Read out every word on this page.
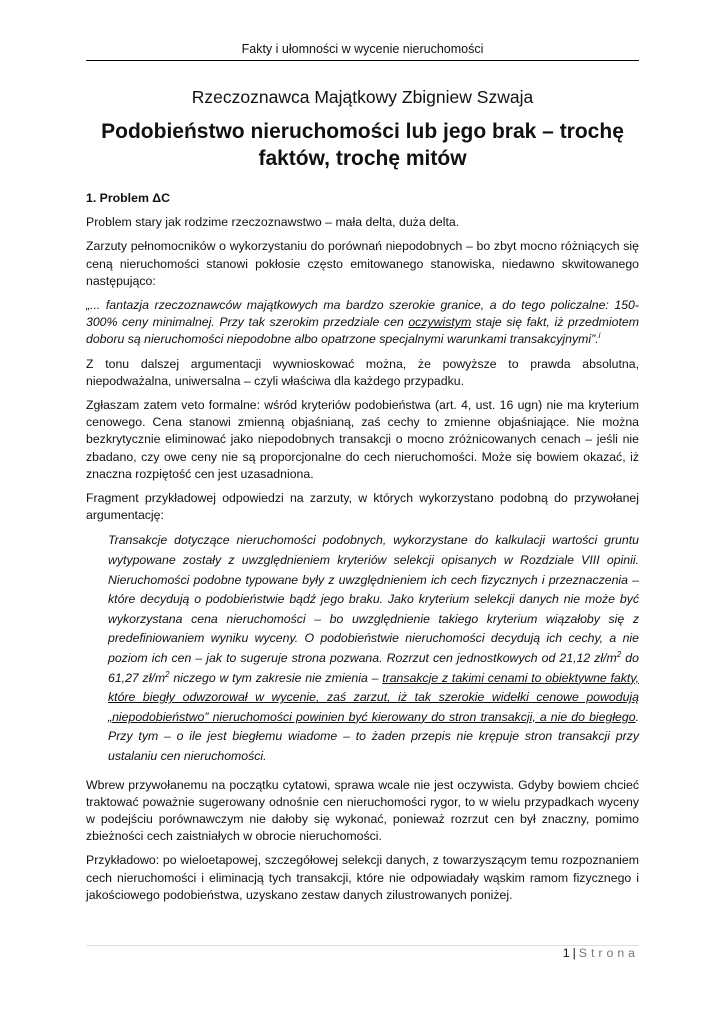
Fakty i ułomności w wycenie nieruchomości
Rzeczoznawca Majątkowy Zbigniew Szwaja
Podobieństwo nieruchomości lub jego brak – trochę faktów, trochę mitów
1. Problem ΔC

Problem stary jak rodzime rzeczoznawstwo – mała delta, duża delta.

Zarzuty pełnomocników o wykorzystaniu do porównań niepodobnych – bo zbyt mocno różniących się ceną nieruchomości stanowi pokłosie często emitowanego stanowiska, niedawno skwitowanego następująco:

„... fantazja rzeczoznawców majątkowych ma bardzo szerokie granice, a do tego policzalne: 150-300% ceny minimalnej. Przy tak szerokim przedziale cen oczywistym staje się fakt, iż przedmiotem doboru są nieruchomości niepodobne albo opatrzone specjalnymi warunkami transakcyjnymi”.$^i$

Z tonu dalszej argumentacji wywnioskować można, że powyższe to prawda absolutna, niepodważalna, uniwersalna – czyli właściwa dla każdego przypadku.

Zgłaszam zatem veto formalne: wśród kryteriów podobieństwa (art. 4, ust. 16 ugn) nie ma kryterium cenowego. Cena stanowi zmienną objaśnianą, zaś cechy to zmienne objaśniające. Nie można bezkrytycznie eliminować jako niepodobnych transakcji o mocno zróżnicowanych cenach – jeśli nie zbadano, czy owe ceny nie są proporcjonalne do cech nieruchomości. Może się bowiem okazać, iż znaczna rozpiętość cen jest uzasadniona.

Fragment przykładowej odpowiedzi na zarzuty, w których wykorzystano podobną do przywołanej argumentację:

Transakcje dotyczące nieruchomości podobnych, wykorzystane do kalkulacji wartości gruntu wytypowane zostały z uwzględnieniem kryteriów selekcji opisanych w Rozdziale VIII opinii. Nieruchomości podobne typowane były z uwzględnieniem ich cech fizycznych i przeznaczenia – które decydują o podobieństwie bądź jego braku. Jako kryterium selekcji danych nie może być wykorzystana cena nieruchomości – bo uwzględnienie takiego kryterium wiązałoby się z predefiniowaniem wyniku wyceny. O podobieństwie nieruchomości decydują ich cechy, a nie poziom ich cen – jak to sugeruje strona pozwana. Rozrzut cen jednostkowych od 21,12 $zł/m^2$ do 61,27 $zł/m^2$ niczego w tym zakresie nie zmienia – transakcje z takimi cenami to obiektywne fakty, które biegły odwzorował w wycenie, zaś zarzut, iż tak szerokie widełki cenowe powodują „niepodobieństwo” nieruchomości powinien być kierowany do stron transakcji, a nie do biegłego. Przy tym – o ile jest biegłemu wiadome – to żaden przepis nie krępuje stron transakcji przy ustalaniu cen nieruchomości.

Wbrew przywołanemu na początku cytatowi, sprawa wcale nie jest oczywista. Gdyby bowiem chcieć traktować poważnie sugerowany odnośnie cen nieruchomości rygor, to w wielu przypadkach wyceny w podejściu porównawczym nie dałoby się wykonać, ponieważ rozrzut cen był znaczny, pomimo zbieżności cech zaistniałych w obrocie nieruchomości.

Przykładowo: po wieloetapowej, szczegółowej selekcji danych, z towarzyszącym temu rozpoznaniem cech nieruchomości i eliminacją tych transakcji, które nie odpowiadały wąskim ramom fizycznego i jakościowego podobieństwa, uzyskano zestaw danych zilustrowanych poniżej.

1 | Strona
